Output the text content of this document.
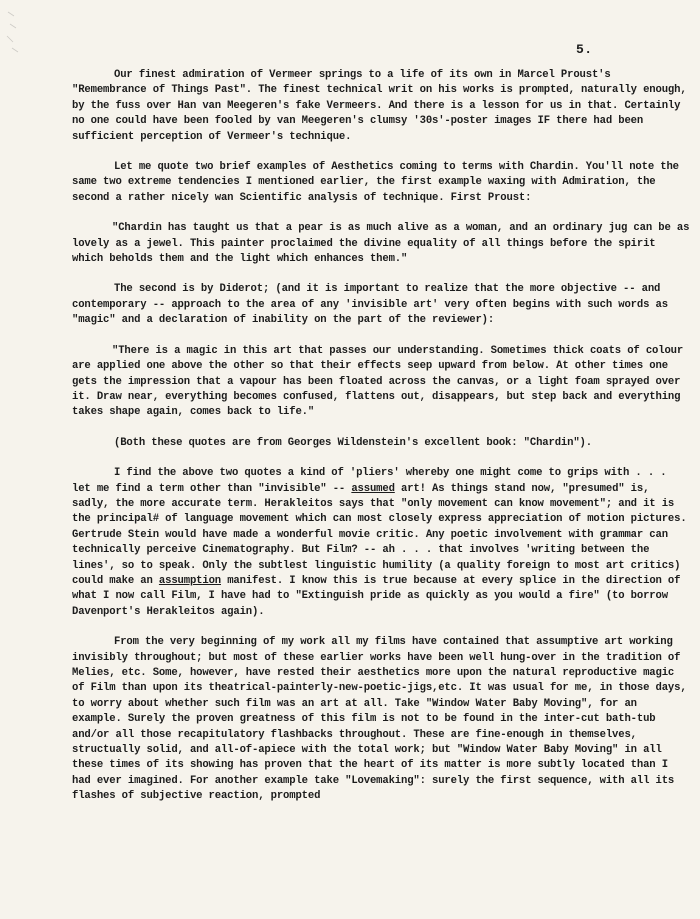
5.

Our finest admiration of Vermeer springs to a life of its own in Marcel Proust's "Remembrance of Things Past". The finest technical writ on his works is prompted, naturally enough, by the fuss over Han van Meegeren's fake Vermeers. And there is a lesson for us in that. Certainly no one could have been fooled by van Meegeren's clumsy '30s'-poster images IF there had been sufficient perception of Vermeer's technique.

Let me quote two brief examples of Aesthetics coming to terms with Chardin. You'll note the same two extreme tendencies I mentioned earlier, the first example waxing with Admiration, the second a rather nicely wan Scientific analysis of technique. First Proust:

"Chardin has taught us that a pear is as much alive as a woman, and an ordinary jug can be as lovely as a jewel. This painter proclaimed the divine equality of all things before the spirit which beholds them and the light which enhances them."

The second is by Diderot; (and it is important to realize that the more objective -- and contemporary -- approach to the area of any 'invisible art' very often begins with such words as "magic" and a declaration of inability on the part of the reviewer):

"There is a magic in this art that passes our understanding. Sometimes thick coats of colour are applied one above the other so that their effects seep upward from below. At other times one gets the impression that a vapour has been floated across the canvas, or a light foam sprayed over it. Draw near, everything becomes confused, flattens out, disappears, but step back and everything takes shape again, comes back to life."

(Both these quotes are from Georges Wildenstein's excellent book: "Chardin").

I find the above two quotes a kind of 'pliers' whereby one might come to grips with . . . let me find a term other than "invisible" -- assumed art! As things stand now, "presumed" is, sadly, the more accurate term. Herakleitos says that "only movement can know movement"; and it is the principal# of language movement which can most closely express appreciation of motion pictures. Gertrude Stein would have made a wonderful movie critic. Any poetic involvement with grammar can technically perceive Cinematography. But Film? -- ah . . . that involves 'writing between the lines', so to speak. Only the subtlest linguistic humility (a quality foreign to most art critics) could make an assumption manifest. I know this is true because at every splice in the direction of what I now call Film, I have had to "Extinguish pride as quickly as you would a fire" (to borrow Davenport's Herakleitos again).

From the very beginning of my work all my films have contained that assumptive art working invisibly throughout; but most of these earlier works have been well hung-over in the tradition of Melies, etc. Some, however, have rested their aesthetics more upon the natural reproductive magic of Film than upon its theatrical-painterly-new-poetic-jigs,etc. It was usual for me, in those days, to worry about whether such film was an art at all. Take "Window Water Baby Moving", for an example. Surely the proven greatness of this film is not to be found in the inter-cut bath-tub and/or all those recapitulatory flashbacks throughout. These are fine-enough in themselves, structually solid, and all-of-apiece with the total work; but "Window Water Baby Moving" in all these times of its showing has proven that the heart of its matter is more subtly located than I had ever imagined. For another example take "Lovemaking": surely the first sequence, with all its flashes of subjective reaction, prompted
